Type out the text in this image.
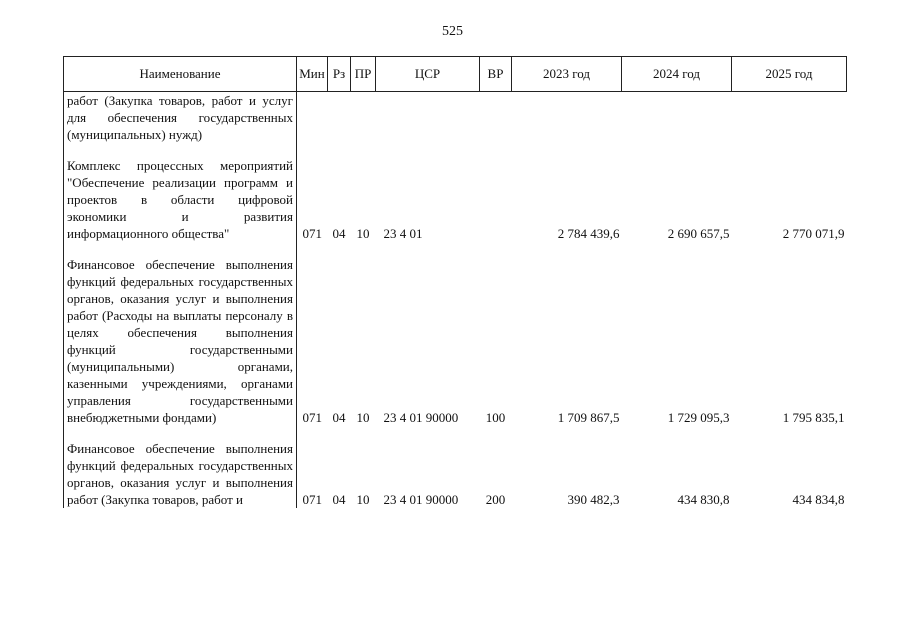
525
Наименование	Мин	Рз	ПР	ЦСР	ВР	2023 год	2024 год	2025 год

работ (Закупка товаров, работ и услуг для обеспечения государственных (муниципальных) нужд)								

Комплекс процессных мероприятий "Обеспечение реализации программ и проектов в области цифровой экономики и развития информационного общества"	071	04	10	23 4 01		2 784 439,6	2 690 657,5	2 770 071,9

Финансовое обеспечение выполнения функций федеральных государственных органов, оказания услуг и выполнения работ (Расходы на выплаты персоналу в целях обеспечения выполнения функций государственными (муниципальными) органами, казенными учреждениями, органами управления государственными внебюджетными фондами)	071	04	10	23 4 01 90000	100	1 709 867,5	1 729 095,3	1 795 835,1

Финансовое обеспечение выполнения функций федеральных государственных органов, оказания услуг и выполнения работ (Закупка товаров, работ и	071	04	10	23 4 01 90000	200	390 482,3	434 830,8	434 834,8
